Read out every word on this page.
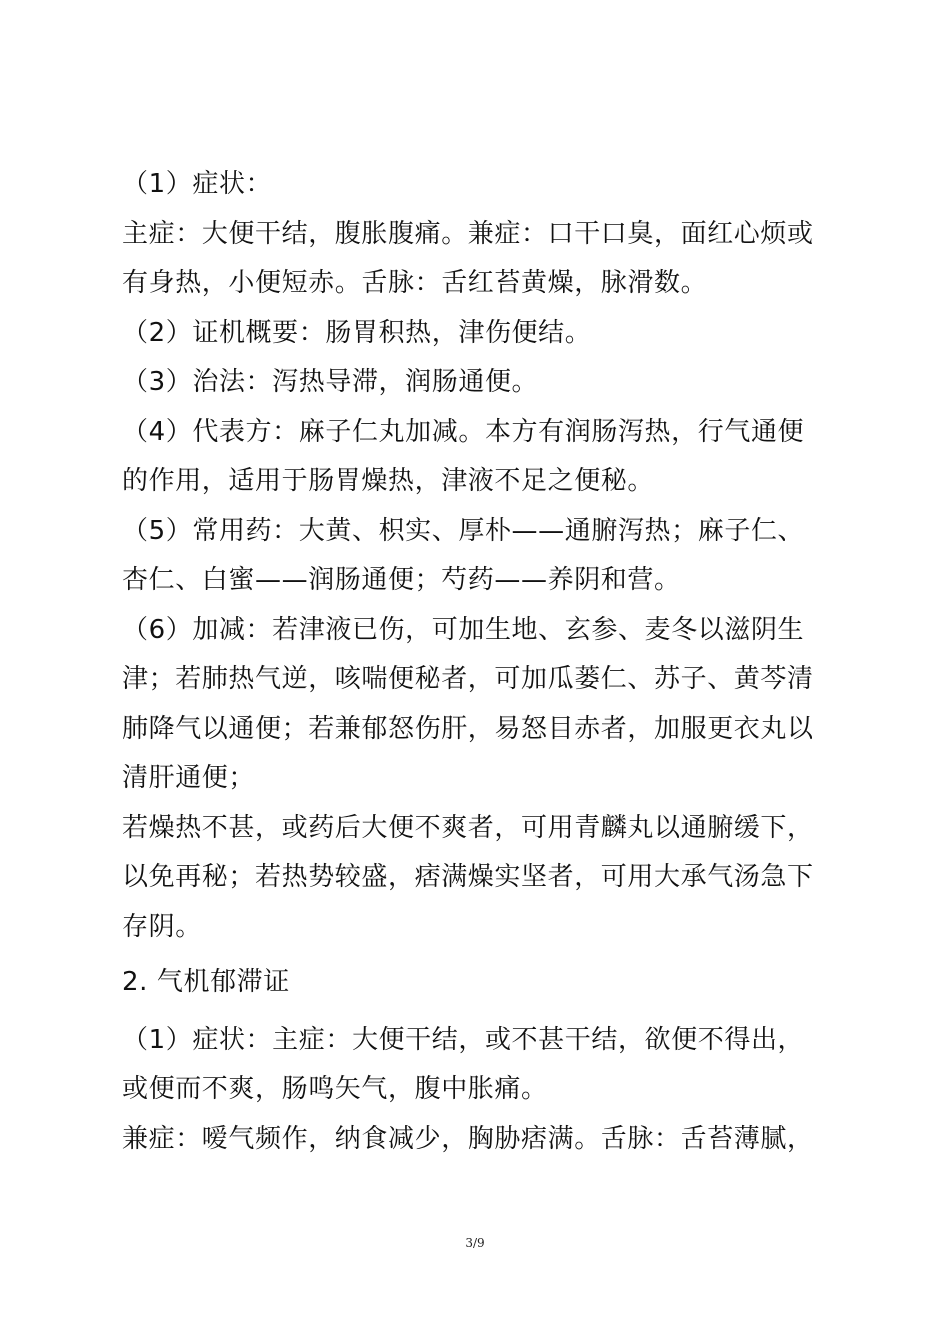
（1）症状：
主症：大便干结，腹胀腹痛。兼症：口干口臭，面红心烦或
有身热，小便短赤。舌脉：舌红苔黄燥，脉滑数。
（2）证机概要：肠胃积热，津伤便结。
（3）治法：泻热导滞，润肠通便。
（4）代表方：麻子仁丸加减。本方有润肠泻热，行气通便
的作用，适用于肠胃燥热，津液不足之便秘。
（5）常用药：大黄、枳实、厚朴——通腑泻热；麻子仁、
杏仁、白蜜——润肠通便；芍药——养阴和营。
（6）加减：若津液已伤，可加生地、玄参、麦冬以滋阴生
津；若肺热气逆，咳喘便秘者，可加瓜蒌仁、苏子、黄芩清
肺降气以通便；若兼郁怒伤肝，易怒目赤者，加服更衣丸以
清肝通便；
若燥热不甚，或药后大便不爽者，可用青麟丸以通腑缓下，
以免再秘；若热势较盛，痞满燥实坚者，可用大承气汤急下
存阴。
2. 气机郁滞证
（1）症状：主症：大便干结，或不甚干结，欲便不得出，
或便而不爽，肠鸣矢气，腹中胀痛。
兼症：嗳气频作，纳食减少，胸胁痞满。舌脉：舌苔薄腻，
3/9
